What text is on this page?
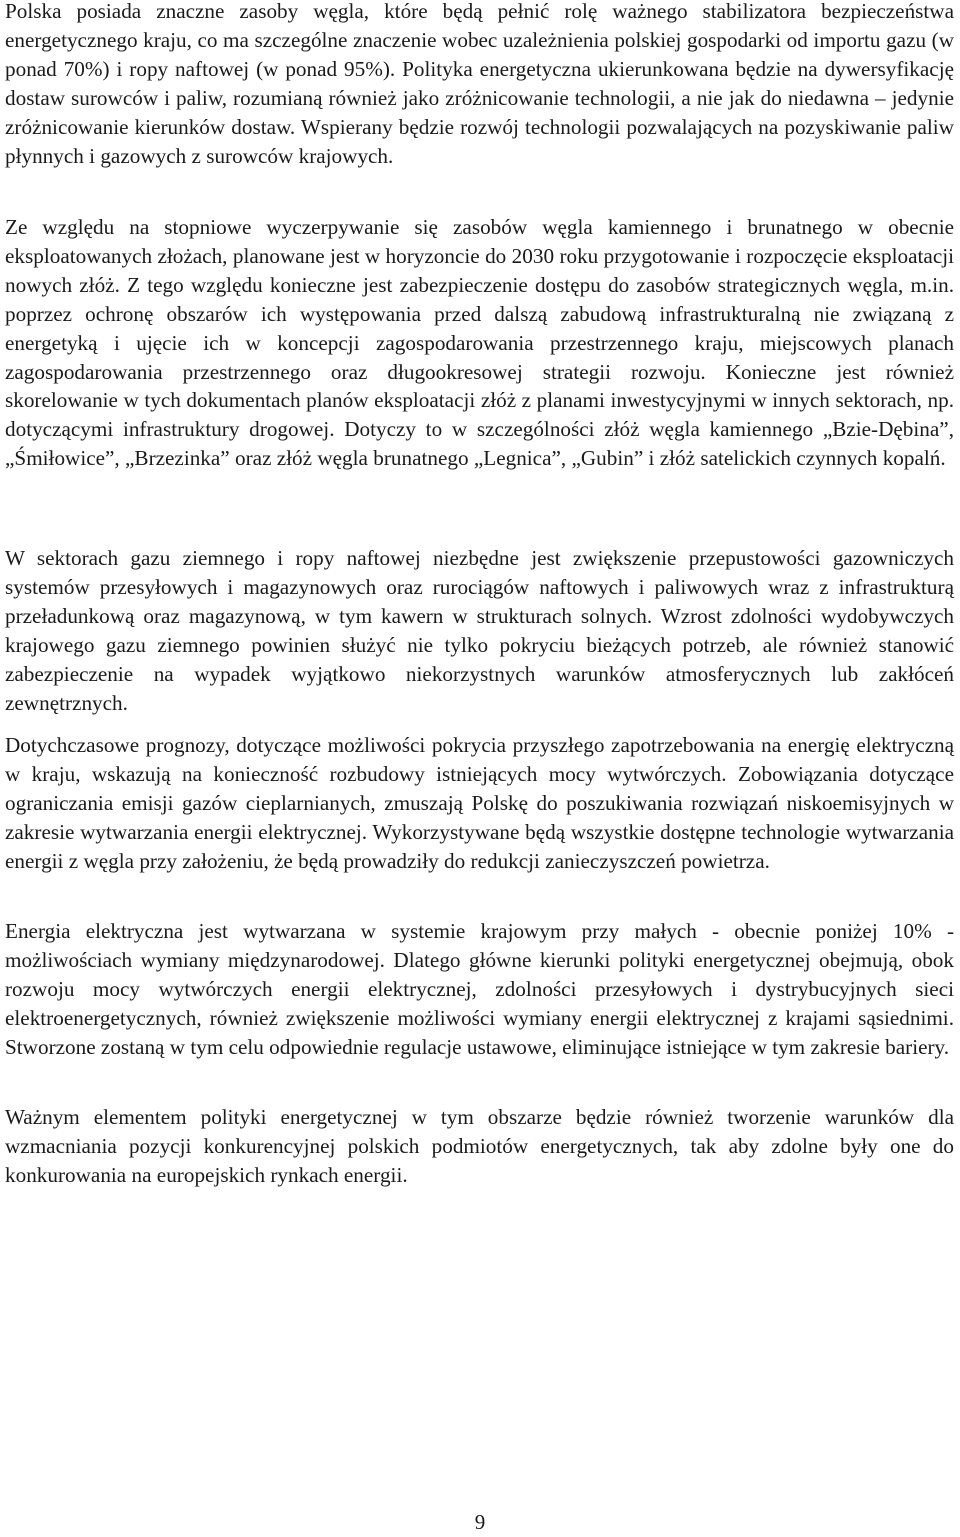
Polska posiada znaczne zasoby węgla, które będą pełnić rolę ważnego stabilizatora bezpieczeństwa energetycznego kraju, co ma szczególne znaczenie wobec uzależnienia polskiej gospodarki od importu gazu (w ponad 70%) i ropy naftowej (w ponad 95%). Polityka energetyczna ukierunkowana będzie na dywersyfikację dostaw surowców i paliw, rozumianą również jako zróżnicowanie technologii, a nie jak do niedawna – jedynie zróżnicowanie kierunków dostaw. Wspierany będzie rozwój technologii pozwalających na pozyskiwanie paliw płynnych i gazowych z surowców krajowych.

Ze względu na stopniowe wyczerpywanie się zasobów węgla kamiennego i brunatnego w obecnie eksploatowanych złożach, planowane jest w horyzoncie do 2030 roku przygotowanie i rozpoczęcie eksploatacji nowych złóż. Z tego względu konieczne jest zabezpieczenie dostępu do zasobów strategicznych węgla, m.in. poprzez ochronę obszarów ich występowania przed dalszą zabudową infrastrukturalną nie związaną z energetyką i ujęcie ich w koncepcji zagospodarowania przestrzennego kraju, miejscowych planach zagospodarowania przestrzennego oraz długookresowej strategii rozwoju. Konieczne jest również skorelowanie w tych dokumentach planów eksploatacji złóż z planami inwestycyjnymi w innych sektorach, np. dotyczącymi infrastruktury drogowej. Dotyczy to w szczególności złóż węgla kamiennego „Bzie-Dębina”, „Śmiłowice”, „Brzezinka” oraz złóż węgla brunatnego „Legnica”, „Gubin” i złóż satelickich czynnych kopalń.

W sektorach gazu ziemnego i ropy naftowej niezbędne jest zwiększenie przepustowości gazowniczych systemów przesyłowych i magazynowych oraz rurociągów naftowych i paliwowych wraz z infrastrukturą przeładunkową oraz magazynową, w tym kawern w strukturach solnych. Wzrost zdolności wydobywczych krajowego gazu ziemnego powinien służyć nie tylko pokryciu bieżących potrzeb, ale również stanowić zabezpieczenie na wypadek wyjątkowo niekorzystnych warunków atmosferycznych lub zakłóceń zewnętrznych.

Dotychczasowe prognozy, dotyczące możliwości pokrycia przyszłego zapotrzebowania na energię elektryczną w kraju, wskazują na konieczność rozbudowy istniejących mocy wytwórczych. Zobowiązania dotyczące ograniczania emisji gazów cieplarnianych, zmuszają Polskę do poszukiwania rozwiązań niskoemisyjnych w zakresie wytwarzania energii elektrycznej. Wykorzystywane będą wszystkie dostępne technologie wytwarzania energii z węgla przy założeniu, że będą prowadziły do redukcji zanieczyszczeń powietrza.

Energia elektryczna jest wytwarzana w systemie krajowym przy małych - obecnie poniżej 10% - możliwościach wymiany międzynarodowej. Dlatego główne kierunki polityki energetycznej obejmują, obok rozwoju mocy wytwórczych energii elektrycznej, zdolności przesyłowych i dystrybucyjnych sieci elektroenergetycznych, również zwiększenie możliwości wymiany energii elektrycznej z krajami sąsiednimi. Stworzone zostaną w tym celu odpowiednie regulacje ustawowe, eliminujące istniejące w tym zakresie bariery.

Ważnym elementem polityki energetycznej w tym obszarze będzie również tworzenie warunków dla wzmacniania pozycji konkurencyjnej polskich podmiotów energetycznych, tak aby zdolne były one do konkurowania na europejskich rynkach energii.

9
